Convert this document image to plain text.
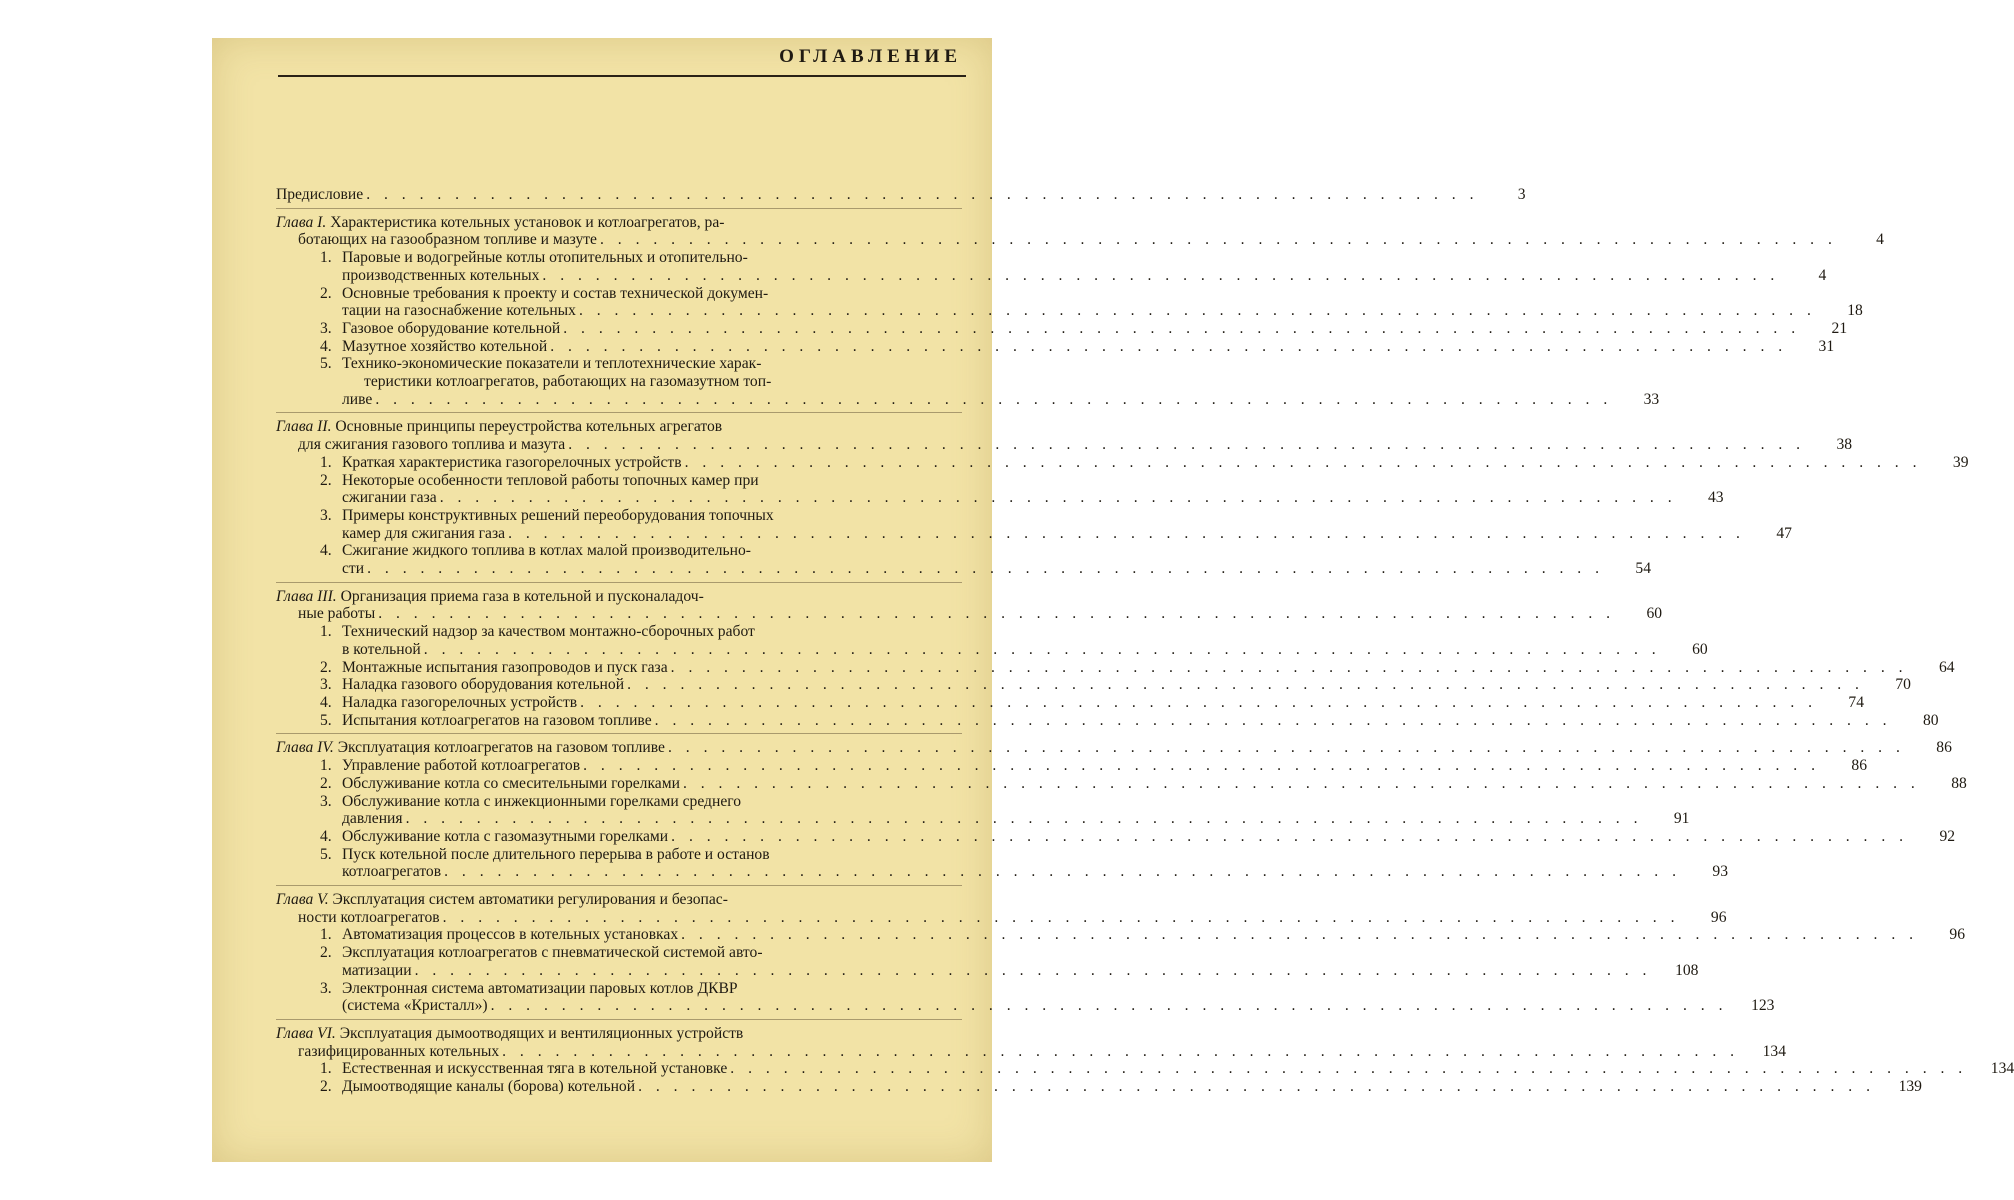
ОГЛАВЛЕНИЕ
Предисловие . . . . . . . . . . . . . . . . . . . . . . . . . . . . . . . . . . . . . . . . . . . . . . . . . . . . . . . . . . . . . . .	3
Глава I. Характеристика котельных установок и котлоагрегатов, ра-
ботающих на газообразном топливе и мазуте . . . . . . . . . . . . . . . . . . . . . . . . . . . . . . . . . . . . . . . . . . . . . . . . . . . . . . . . . . . . . . . . . . . . . .	4
1. Паровые и водогрейные котлы отопительных и отопительно-
производственных котельных . . . . . . . . . . . . . . . . . . . . . . . . . . . . . . . . . . . . . . . . . . . . . . . . . . . . . . . . . . . . . . . . . . . . . .	4
2. Основные требования к проекту и состав технической докумен-
тации на газоснабжение котельных . . . . . . . . . . . . . . . . . . . . . . . . . . . . . . . . . . . . . . . . . . . . . . . . . . . . . . . . . . . . . . . . . . . . . .	18
3. Газовое оборудование котельной . . . . . . . . . . . . . . . . . . . . . . . . . . . . . . . . . . . . . . . . . . . . . . . . . . . . . . . . . . . . . . . . . . . . . .	21
4. Мазутное хозяйство котельной . . . . . . . . . . . . . . . . . . . . . . . . . . . . . . . . . . . . . . . . . . . . . . . . . . . . . . . . . . . . . . . . . . . . . .	31
5. Технико-экономические показатели и теплотехнические харак-
теристики котлоагрегатов, работающих на газомазутном топ-
ливе . . . . . . . . . . . . . . . . . . . . . . . . . . . . . . . . . . . . . . . . . . . . . . . . . . . . . . . . . . . . . . . . . . . . . .	33
Глава II. Основные принципы переустройства котельных агрегатов
для сжигания газового топлива и мазута . . . . . . . . . . . . . . . . . . . . . . . . . . . . . . . . . . . . . . . . . . . . . . . . . . . . . . . . . . . . . . . . . . . . . .	38
1. Краткая характеристика газогорелочных устройств . . . . . . . . . . . . . . . . . . . . . . . . . . . . . . . . . . . . . . . . . . . . . . . . . . . . . . . . . . . . . . . . . . . . . .	39
2. Некоторые особенности тепловой работы топочных камер при
сжигании газа . . . . . . . . . . . . . . . . . . . . . . . . . . . . . . . . . . . . . . . . . . . . . . . . . . . . . . . . . . . . . . . . . . . . . .	43
3. Примеры конструктивных решений переоборудования топочных
камер для сжигания газа . . . . . . . . . . . . . . . . . . . . . . . . . . . . . . . . . . . . . . . . . . . . . . . . . . . . . . . . . . . . . . . . . . . . . .	47
4. Сжигание жидкого топлива в котлах малой производительно-
сти . . . . . . . . . . . . . . . . . . . . . . . . . . . . . . . . . . . . . . . . . . . . . . . . . . . . . . . . . . . . . . . . . . . . . .	54
Глава III. Организация приема газа в котельной и пусконаладоч-
ные работы . . . . . . . . . . . . . . . . . . . . . . . . . . . . . . . . . . . . . . . . . . . . . . . . . . . . . . . . . . . . . . . . . . . . . .	60
1. Технический надзор за качеством монтажно-сборочных работ
в котельной . . . . . . . . . . . . . . . . . . . . . . . . . . . . . . . . . . . . . . . . . . . . . . . . . . . . . . . . . . . . . . . . . . . . . .	60
2. Монтажные испытания газопроводов и пуск газа . . . . . . . . . . . . . . . . . . . . . . . . . . . . . . . . . . . . . . . . . . . . . . . . . . . . . . . . . . . . . . . . . . . . . .	64
3. Наладка газового оборудования котельной . . . . . . . . . . . . . . . . . . . . . . . . . . . . . . . . . . . . . . . . . . . . . . . . . . . . . . . . . . . . . . . . . . . . . .	70
4. Наладка газогорелочных устройств . . . . . . . . . . . . . . . . . . . . . . . . . . . . . . . . . . . . . . . . . . . . . . . . . . . . . . . . . . . . . . . . . . . . . .	74
5. Испытания котлоагрегатов на газовом топливе . . . . . . . . . . . . . . . . . . . . . . . . . . . . . . . . . . . . . . . . . . . . . . . . . . . . . . . . . . . . . . . . . . . . . .	80
Глава IV. Эксплуатация котлоагрегатов на газовом топливе . . . . . . . . . . . . . . . . . . . . . . . . . . . . . . . . . . . . . . . . . . . . . . . . . . . . . . . . . . . . . . . . . . . . . .	86
1. Управление работой котлоагрегатов . . . . . . . . . . . . . . . . . . . . . . . . . . . . . . . . . . . . . . . . . . . . . . . . . . . . . . . . . . . . . . . . . . . . . .	86
2. Обслуживание котла со смесительными горелками . . . . . . . . . . . . . . . . . . . . . . . . . . . . . . . . . . . . . . . . . . . . . . . . . . . . . . . . . . . . . . . . . . . . . .	88
3. Обслуживание котла с инжекционными горелками среднего
давления . . . . . . . . . . . . . . . . . . . . . . . . . . . . . . . . . . . . . . . . . . . . . . . . . . . . . . . . . . . . . . . . . . . . . .	91
4. Обслуживание котла с газомазутными горелками . . . . . . . . . . . . . . . . . . . . . . . . . . . . . . . . . . . . . . . . . . . . . . . . . . . . . . . . . . . . . . . . . . . . . .	92
5. Пуск котельной после длительного перерыва в работе и останов
котлоагрегатов . . . . . . . . . . . . . . . . . . . . . . . . . . . . . . . . . . . . . . . . . . . . . . . . . . . . . . . . . . . . . . . . . . . . . .	93
Глава V. Эксплуатация систем автоматики регулирования и безопас-
ности котлоагрегатов . . . . . . . . . . . . . . . . . . . . . . . . . . . . . . . . . . . . . . . . . . . . . . . . . . . . . . . . . . . . . . . . . . . . . .	96
1. Автоматизация процессов в котельных установках . . . . . . . . . . . . . . . . . . . . . . . . . . . . . . . . . . . . . . . . . . . . . . . . . . . . . . . . . . . . . . . . . . . . . .	96
2. Эксплуатация котлоагрегатов с пневматической системой авто-
матизации . . . . . . . . . . . . . . . . . . . . . . . . . . . . . . . . . . . . . . . . . . . . . . . . . . . . . . . . . . . . . . . . . . . . . .	108
3. Электронная система автоматизации паровых котлов ДКВР
(система «Кристалл») . . . . . . . . . . . . . . . . . . . . . . . . . . . . . . . . . . . . . . . . . . . . . . . . . . . . . . . . . . . . . . . . . . . . . .	123
Глава VI. Эксплуатация дымоотводящих и вентиляционных устройств
газифицированных котельных . . . . . . . . . . . . . . . . . . . . . . . . . . . . . . . . . . . . . . . . . . . . . . . . . . . . . . . . . . . . . . . . . . . . . .	134
1. Естественная и искусственная тяга в котельной установке . . . . . . . . . . . . . . . . . . . . . . . . . . . . . . . . . . . . . . . . . . . . . . . . . . . . . . . . . . . . . . . . . . . . . .	134
2. Дымоотводящие каналы (борова) котельной . . . . . . . . . . . . . . . . . . . . . . . . . . . . . . . . . . . . . . . . . . . . . . . . . . . . . . . . . . . . . . . . . . . . . .	139
